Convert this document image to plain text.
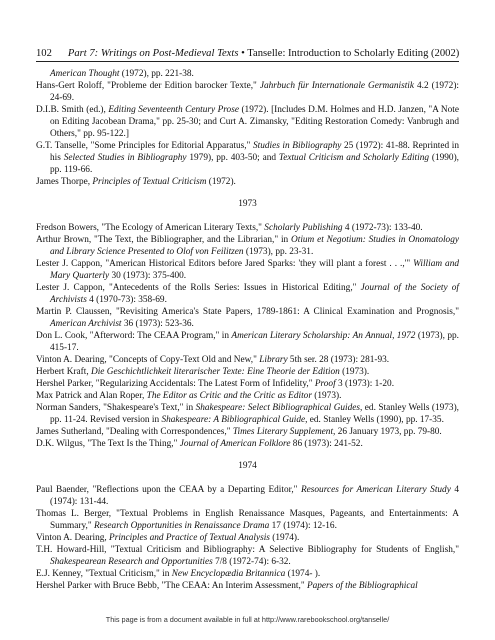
102 Part 7: Writings on Post-Medieval Texts • Tanselle: Introduction to Scholarly Editing (2002)

American Thought (1972), pp. 221-38.

Hans-Gert Roloff, "Probleme der Edition barocker Texte," Jahrbuch für Internationale Germanistik 4.2 (1972): 24-69.

D.I.B. Smith (ed.), Editing Seventeenth Century Prose (1972). [Includes D.M. Holmes and H.D. Janzen, "A Note on Editing Jacobean Drama," pp. 25-30; and Curt A. Zimansky, "Editing Restoration Comedy: Vanbrugh and Others," pp. 95-122.]

G.T. Tanselle, "Some Principles for Editorial Apparatus," Studies in Bibliography 25 (1972): 41-88. Reprinted in his Selected Studies in Bibliography 1979), pp. 403-50; and Textual Criticism and Scholarly Editing (1990), pp. 119-66.

James Thorpe, Principles of Textual Criticism (1972).

1973

Fredson Bowers, "The Ecology of American Literary Texts," Scholarly Publishing 4 (1972-73): 133-40.

Arthur Brown, "The Text, the Bibliographer, and the Librarian," in Otium et Negotium: Studies in Onomatology and Library Science Presented to Olof von Feilitzen (1973), pp. 23-31.

Lester J. Cappon, "American Historical Editors before Jared Sparks: 'they will plant a forest . . .,'" William and Mary Quarterly 30 (1973): 375-400.

Lester J. Cappon, "Antecedents of the Rolls Series: Issues in Historical Editing," Journal of the Society of Archivists 4 (1970-73): 358-69.

Martin P. Claussen, "Revisiting America's State Papers, 1789-1861: A Clinical Examination and Prognosis," American Archivist 36 (1973): 523-36.

Don L. Cook, "Afterword: The CEAA Program," in American Literary Scholarship: An Annual, 1972 (1973), pp. 415-17.

Vinton A. Dearing, "Concepts of Copy-Text Old and New," Library 5th ser. 28 (1973): 281-93.

Herbert Kraft, Die Geschichtlichkeit literarischer Texte: Eine Theorie der Edition (1973).

Hershel Parker, "Regularizing Accidentals: The Latest Form of Infidelity," Proof 3 (1973): 1-20.

Max Patrick and Alan Roper, The Editor as Critic and the Critic as Editor (1973).

Norman Sanders, "Shakespeare's Text," in Shakespeare: Select Bibliographical Guides, ed. Stanley Wells (1973), pp. 11-24. Revised version in Shakespeare: A Bibliographical Guide, ed. Stanley Wells (1990), pp. 17-35.

James Sutherland, "Dealing with Correspondences," Times Literary Supplement, 26 January 1973, pp. 79-80.

D.K. Wilgus, "The Text Is the Thing," Journal of American Folklore 86 (1973): 241-52.

1974

Paul Baender, "Reflections upon the CEAA by a Departing Editor," Resources for American Literary Study 4 (1974): 131-44.

Thomas L. Berger, "Textual Problems in English Renaissance Masques, Pageants, and Entertainments: A Summary," Research Opportunities in Renaissance Drama 17 (1974): 12-16.

Vinton A. Dearing, Principles and Practice of Textual Analysis (1974).

T.H. Howard-Hill, "Textual Criticism and Bibliography: A Selective Bibliography for Students of English," Shakespearean Research and Opportunities 7/8 (1972-74): 6-32.

E.J. Kenney, "Textual Criticism," in New Encyclopædia Britannica (1974- ).

Hershel Parker with Bruce Bebb, "The CEAA: An Interim Assessment," Papers of the Bibliographical

This page is from a document available in full at http://www.rarebookschool.org/tanselle/
